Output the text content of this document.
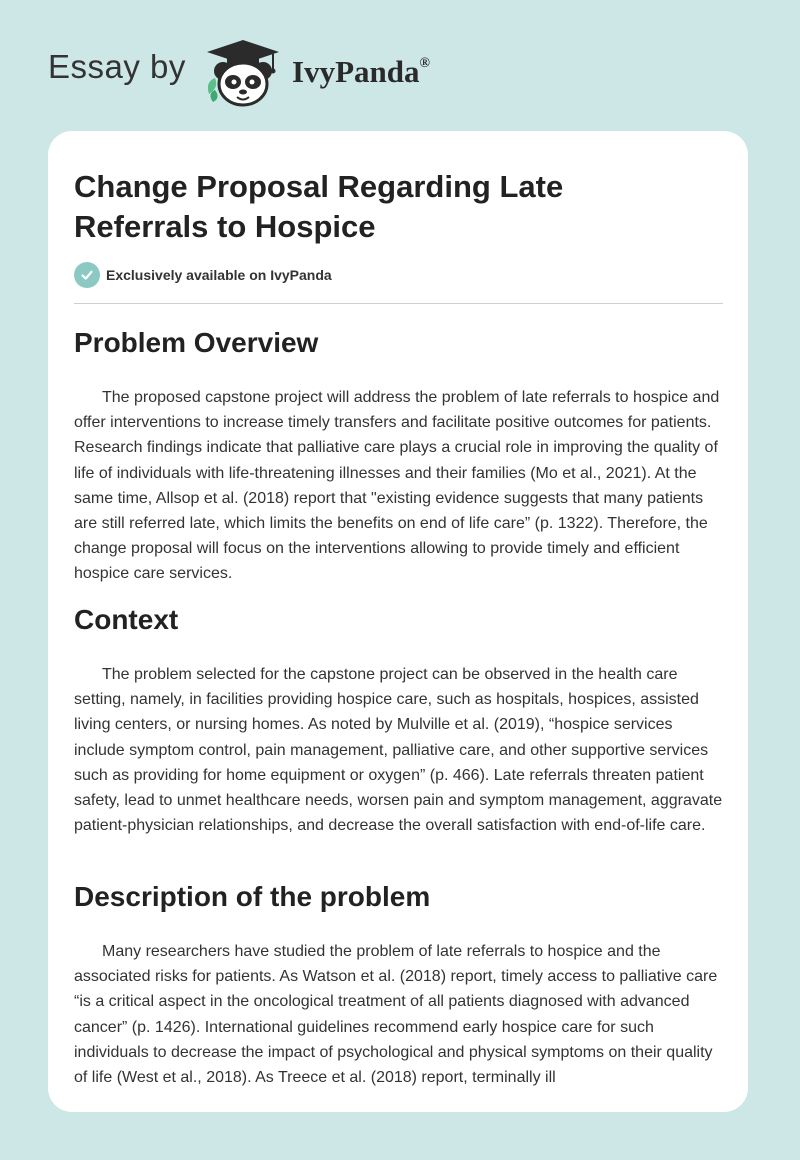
Essay by	IvyPanda®
Change Proposal Regarding Late Referrals to Hospice
Exclusively available on IvyPanda
Problem Overview

The proposed capstone project will address the problem of late referrals to hospice and offer interventions to increase timely transfers and facilitate positive outcomes for patients. Research findings indicate that palliative care plays a crucial role in improving the quality of life of individuals with life-threatening illnesses and their families (Mo et al., 2021). At the same time, Allsop et al. (2018) report that "existing evidence suggests that many patients are still referred late, which limits the benefits on end of life care” (p. 1322). Therefore, the change proposal will focus on the interventions allowing to provide timely and efficient hospice care services.

Context

The problem selected for the capstone project can be observed in the health care setting, namely, in facilities providing hospice care, such as hospitals, hospices, assisted living centers, or nursing homes. As noted by Mulville et al. (2019), “hospice services include symptom control, pain management, palliative care, and other supportive services such as providing for home equipment or oxygen” (p. 466). Late referrals threaten patient safety, lead to unmet healthcare needs, worsen pain and symptom management, aggravate patient-physician relationships, and decrease the overall satisfaction with end-of-life care.

Description of the problem

Many researchers have studied the problem of late referrals to hospice and the associated risks for patients. As Watson et al. (2018) report, timely access to palliative care “is a critical aspect in the oncological treatment of all patients diagnosed with advanced cancer” (p. 1426). International guidelines recommend early hospice care for such individuals to decrease the impact of psychological and physical symptoms on their quality of life (West et al., 2018). As Treece et al. (2018) report, terminally ill
